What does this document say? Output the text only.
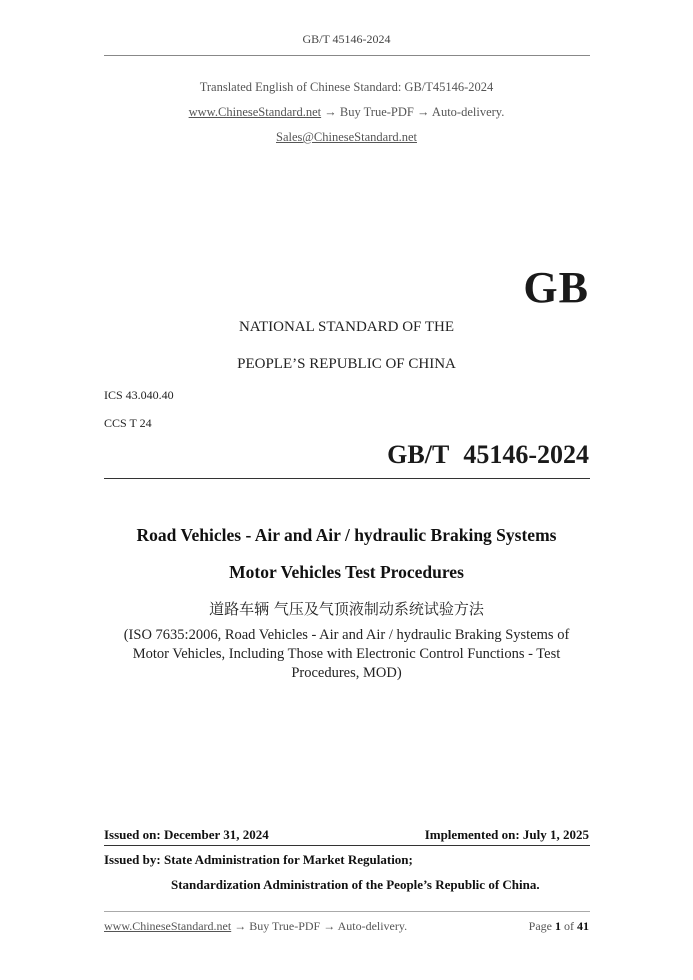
GB/T 45146-2024
Translated English of Chinese Standard: GB/T45146-2024
www.ChineseStandard.net → Buy True-PDF → Auto-delivery.
Sales@ChineseStandard.net
GB
NATIONAL STANDARD OF THE
PEOPLE’S REPUBLIC OF CHINA
ICS 43.040.40
CCS T 24
GB/T 45146-2024
Road Vehicles - Air and Air / hydraulic Braking Systems
Motor Vehicles Test Procedures
道路车辆 气压及气顶液制动系统试验方法
(ISO 7635:2006, Road Vehicles - Air and Air / hydraulic Braking Systems of
Motor Vehicles, Including Those with Electronic Control Functions - Test
Procedures, MOD)
Issued on: December 31, 2024	Implemented on: July 1, 2025
Issued by: State Administration for Market Regulation;
Standardization Administration of the People’s Republic of China.
www.ChineseStandard.net → Buy True-PDF → Auto-delivery.	Page 1 of 41
